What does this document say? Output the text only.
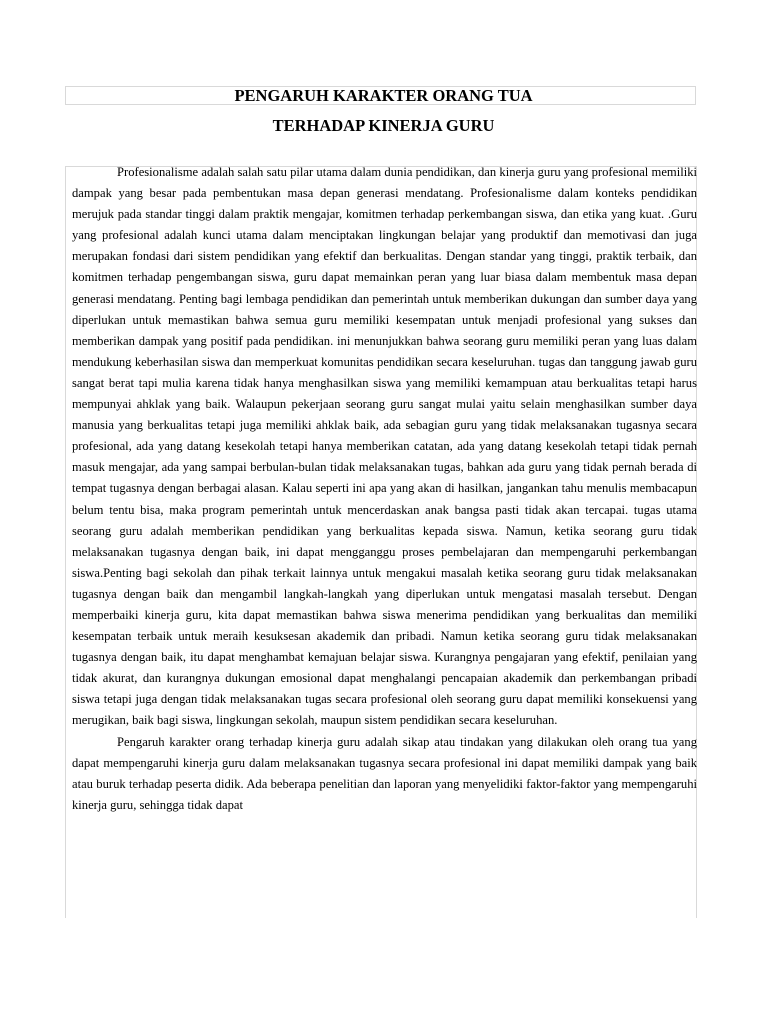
PENGARUH KARAKTER ORANG TUA
TERHADAP KINERJA GURU

Profesionalisme adalah salah satu pilar utama dalam dunia pendidikan, dan kinerja guru yang profesional memiliki dampak yang besar pada pembentukan masa depan generasi mendatang. Profesionalisme dalam konteks pendidikan merujuk pada standar tinggi dalam praktik mengajar, komitmen terhadap perkembangan siswa, dan etika yang kuat. .Guru yang profesional adalah kunci utama dalam menciptakan lingkungan belajar yang produktif dan memotivasi dan juga merupakan fondasi dari sistem pendidikan yang efektif dan berkualitas. Dengan standar yang tinggi, praktik terbaik, dan komitmen terhadap pengembangan siswa, guru dapat memainkan peran yang luar biasa dalam membentuk masa depan generasi mendatang. Penting bagi lembaga pendidikan dan pemerintah untuk memberikan dukungan dan sumber daya yang diperlukan untuk memastikan bahwa semua guru memiliki kesempatan untuk menjadi profesional yang sukses dan memberikan dampak yang positif pada pendidikan. ini menunjukkan bahwa seorang guru memiliki peran yang luas dalam mendukung keberhasilan siswa dan memperkuat komunitas pendidikan secara keseluruhan. tugas dan tanggung jawab guru sangat berat tapi mulia karena tidak hanya menghasilkan siswa yang memiliki kemampuan atau berkualitas tetapi harus mempunyai ahklak yang baik. Walaupun pekerjaan seorang guru sangat mulai yaitu selain menghasilkan sumber daya manusia yang berkualitas tetapi juga memiliki ahklak baik, ada sebagian guru yang tidak melaksanakan tugasnya secara profesional, ada yang datang kesekolah tetapi hanya memberikan catatan, ada yang datang kesekolah tetapi tidak pernah masuk mengajar, ada yang sampai berbulan-bulan tidak melaksanakan tugas, bahkan ada guru yang tidak pernah berada di tempat tugasnya dengan berbagai alasan. Kalau seperti ini apa yang akan di hasilkan, jangankan tahu menulis membacapun belum tentu bisa, maka program pemerintah untuk mencerdaskan anak bangsa pasti tidak akan tercapai. tugas utama seorang guru adalah memberikan pendidikan yang berkualitas kepada siswa. Namun, ketika seorang guru tidak melaksanakan tugasnya dengan baik, ini dapat mengganggu proses pembelajaran dan mempengaruhi perkembangan siswa.Penting bagi sekolah dan pihak terkait lainnya untuk mengakui masalah ketika seorang guru tidak melaksanakan tugasnya dengan baik dan mengambil langkah-langkah yang diperlukan untuk mengatasi masalah tersebut. Dengan memperbaiki kinerja guru, kita dapat memastikan bahwa siswa menerima pendidikan yang berkualitas dan memiliki kesempatan terbaik untuk meraih kesuksesan akademik dan pribadi. Namun ketika seorang guru tidak melaksanakan tugasnya dengan baik, itu dapat menghambat kemajuan belajar siswa. Kurangnya pengajaran yang efektif, penilaian yang tidak akurat, dan kurangnya dukungan emosional dapat menghalangi pencapaian akademik dan perkembangan pribadi siswa tetapi juga dengan tidak melaksanakan tugas secara profesional oleh seorang guru dapat memiliki konsekuensi yang merugikan, baik bagi siswa, lingkungan sekolah, maupun sistem pendidikan secara keseluruhan.

Pengaruh karakter orang terhadap kinerja guru adalah sikap atau tindakan yang dilakukan oleh orang tua yang dapat mempengaruhi kinerja guru dalam melaksanakan tugasnya secara profesional ini dapat memiliki dampak yang baik atau buruk terhadap peserta didik. Ada beberapa penelitian dan laporan yang menyelidiki faktor-faktor yang mempengaruhi kinerja guru, sehingga tidak dapat
